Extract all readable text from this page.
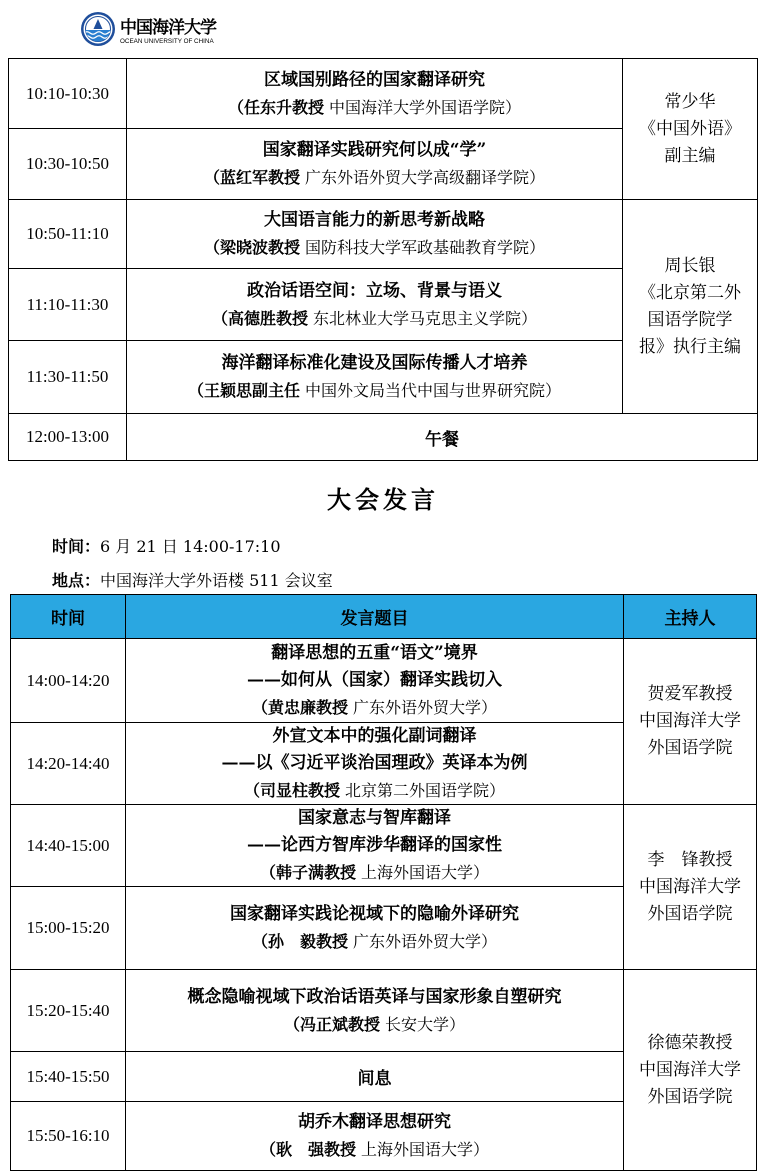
中国海洋大学
OCEAN UNIVERSITY OF CHINA
10:10-10:30	区域国别路径的国家翻译研究
（任东升教授 中国海洋大学外国语学院）	常少华
《中国外语》
副主编

10:30-10:50	国家翻译实践研究何以成“学”
（蓝红军教授 广东外语外贸大学高级翻译学院）	

10:50-11:10	大国语言能力的新思考新战略
（梁晓波教授 国防科技大学军政基础教育学院）	周长银
《北京第二外
国语学院学
报》执行主编

11:10-11:30	政治话语空间：立场、背景与语义
（高德胜教授 东北林业大学马克思主义学院）	

11:30-11:50	海洋翻译标准化建设及国际传播人才培养
（王颖思副主任 中国外文局当代中国与世界研究院）	

12:00-13:00	午餐	
大会发言
时间：6 月 21 日 14:00-17:10
地点：中国海洋大学外语楼 511 会议室
时间	发言题目	主持人
14:00-14:20	翻译思想的五重“语文”境界
——如何从（国家）翻译实践切入
（黄忠廉教授 广东外语外贸大学）	贺爱军教授
中国海洋大学
外国语学院

14:20-14:40	外宣文本中的强化副词翻译
——以《习近平谈治国理政》英译本为例
（司显柱教授 北京第二外国语学院）	

14:40-15:00	国家意志与智库翻译
——论西方智库涉华翻译的国家性
（韩子满教授 上海外国语大学）	李　锋教授
中国海洋大学
外国语学院

15:00-15:20	国家翻译实践论视域下的隐喻外译研究
（孙　毅教授 广东外语外贸大学）	

15:20-15:40	概念隐喻视域下政治话语英译与国家形象自塑研究
（冯正斌教授 长安大学）	徐德荣教授
中国海洋大学
外国语学院

15:40-15:50	间息	
15:50-16:10	胡乔木翻译思想研究
（耿　强教授 上海外国语大学）	
